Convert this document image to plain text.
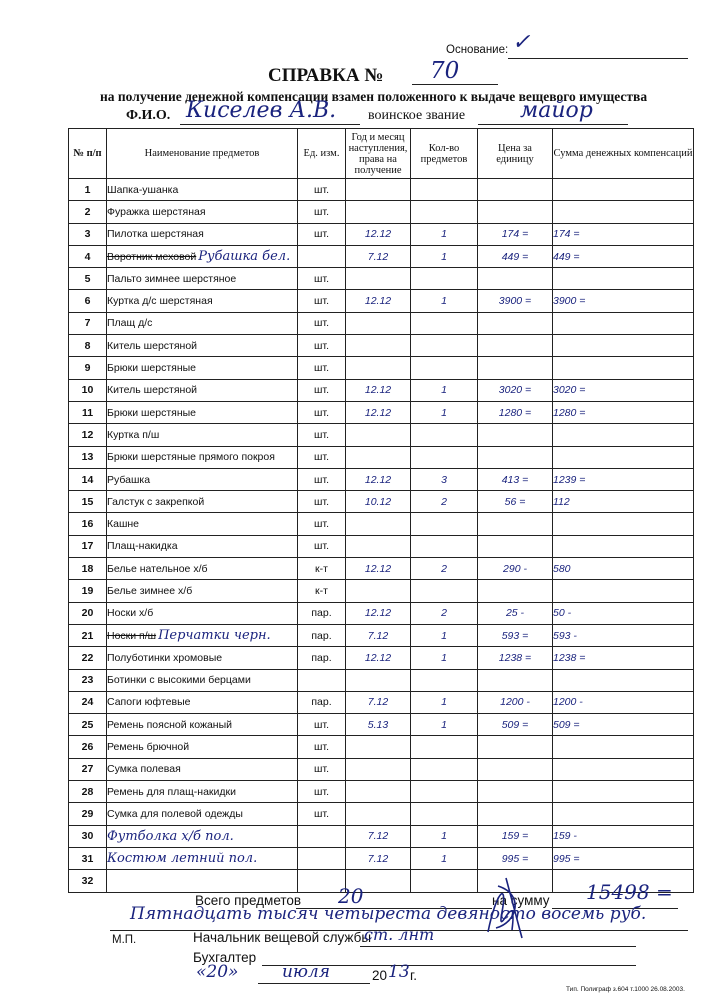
Основание: ✓
СПРАВКА № 70
на получение денежной компенсации взамен положенного к выдаче вещевого имущества
Ф.И.О. Киселев А.В. воинское звание майор
№ п/п	Наименование предметов	Ед. изм.	Год и месяц наступления, права на получение	Кол-во предметов	Цена за единицу	Сумма денежных компенсаций
1	Шапка-ушанка	шт.				
2	Фуражка шерстяная	шт.				
3	Пилотка шерстяная	шт.	12.12	1	174 =	174 =
4	Воротник меховой Рубашка бел.		7.12	1	449 =	449 =
5	Пальто зимнее шерстяное	шт.				
6	Куртка д/с шерстяная	шт.	12.12	1	3900 =	3900 =
7	Плащ д/с	шт.				
8	Китель шерстяной	шт.				
9	Брюки шерстяные	шт.				
10	Китель шерстяной	шт.	12.12	1	3020 =	3020 =
11	Брюки шерстяные	шт.	12.12	1	1280 =	1280 =
12	Куртка п/ш	шт.				
13	Брюки шерстяные прямого покроя	шт.				
14	Рубашка	шт.	12.12	3	413 =	1239 =
15	Галстук с закрепкой	шт.	10.12	2	56 =	112
16	Кашне	шт.				
17	Плащ-накидка	шт.				
18	Белье нательное х/б	к-т	12.12	2	290 -	580
19	Белье зимнее х/б	к-т				
20	Носки х/б	пар.	12.12	2	25 -	50 -
21	Носки п/ш Перчатки черн.	пар.	7.12	1	593 =	593 -
22	Полуботинки хромовые	пар.	12.12	1	1238 =	1238 =
23	Ботинки с высокими берцами					
24	Сапоги юфтевые	пар.	7.12	1	1200 -	1200 -
25	Ремень поясной кожаный	шт.	5.13	1	509 =	509 =
26	Ремень брючной	шт.				
27	Сумка полевая	шт.				
28	Ремень для плащ-накидки	шт.				
29	Сумка для полевой одежды	шт.				
30	Футболка х/б пол.		7.12	1	159 =	159 -
31	Костюм летний пол.		7.12	1	995 =	995 =
32						
Всего предметов 20	на сумму 15498 =
Пятнадцать тысяч четыреста девяносто восемь руб.
М.П.	Начальник вещевой службы
ст. лнт
Бухгалтер
«20»	июля	20 13 г.
Тип. Полиграф з.604 т.1000 26.08.2003.
